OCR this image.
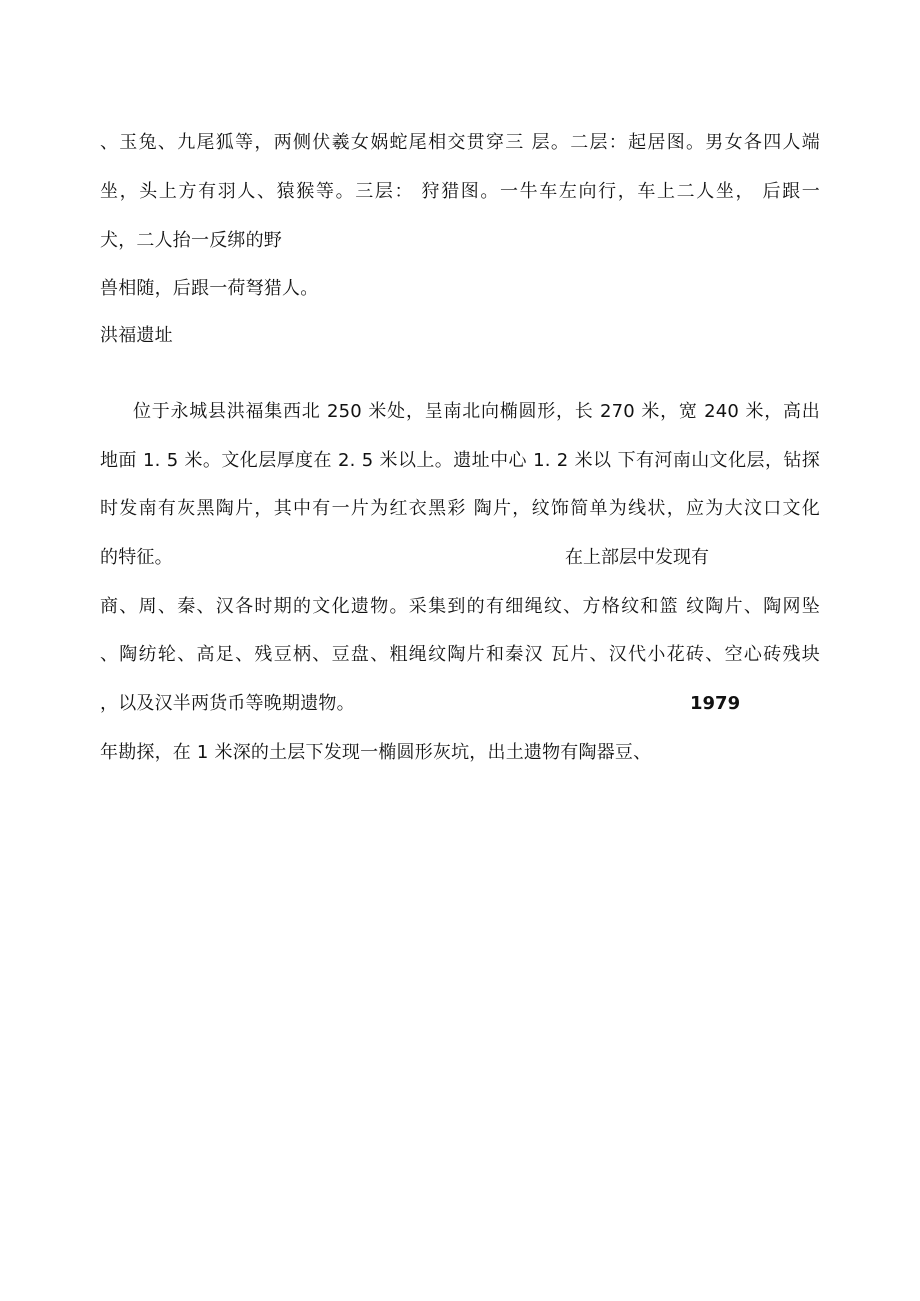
、玉兔、九尾狐等，两侧伏羲女娲蛇尾相交贯穿三 层。二层：起居图。男女各四人端
坐，头上方有羽人、猿猴等。三层： 狩猎图。一牛车左向行，车上二人坐， 后跟一
犬，二人抬一反绑的野
兽相随，后跟一荷弩猎人。
洪福遗址
位于永城县洪福集西北 250 米处，呈南北向椭圆形，长 270 米，宽 240 米，高出
地面 1. 5 米。文化层厚度在 2. 5 米以上。遗址中心 1. 2 米以 下有河南山文化层，钻探
时发南有灰黑陶片，其中有一片为红衣黑彩 陶片，纹饰简单为线状，应为大汶口文化
的特征。	在上部层中发现有
商、周、秦、汉各时期的文化遗物。采集到的有细绳纹、方格纹和篮 纹陶片、陶网坠
、陶纺轮、高足、残豆柄、豆盘、粗绳纹陶片和秦汉 瓦片、汉代小花砖、空心砖残块
，以及汉半两货币等晚期遗物。	1979
年勘探，在 1 米深的土层下发现一椭圆形灰坑，出土遗物有陶器豆、
